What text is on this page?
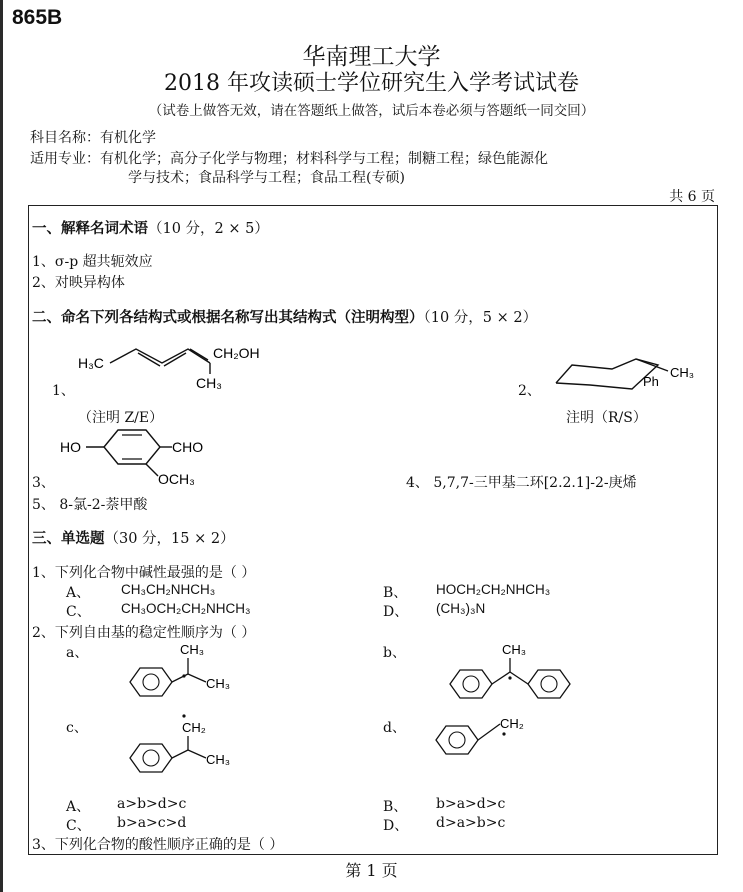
865B
华南理工大学
2018 年攻读硕士学位研究生入学考试试卷
（试卷上做答无效，请在答题纸上做答，试后本卷必须与答题纸一同交回）
科目名称：有机化学
适用专业：有机化学；高分子化学与物理；材料科学与工程；制糖工程；绿色能源化
学与技术；食品科学与工程；食品工程(专硕)
共 6 页
一、解释名词术语（10 分，2 × 5）
1、σ-p 超共轭效应
2、对映异构体
二、命名下列各结构式或根据名称写出其结构式（注明构型）（10 分，5 × 2）
H₃C
CH₂OH
CH₃
1、
（注明 Z/E）
2、
CH₃
Ph
注明（R/S）
HO	CHO
OCH₃
3、	4、 5,7,7-三甲基二环[2.2.1]-2-庚烯
5、 8-氯-2-萘甲酸
三、单选题（30 分，15 × 2）
1、下列化合物中碱性最强的是（ ）
A、 CH₃CH₂NHCH₃	B、 HOCH₂CH₂NHCH₃
C、 CH₃OCH₂CH₂NHCH₃	D、 (CH₃)₃N
2、下列自由基的稳定性顺序为（ ）
a、	CH₃
CH₃
b、	CH₃
c、	CH₂
CH₃
d、	CH₂
A、 a>b>d>c	B、 b>a>d>c
C、 b>a>c>d	D、 d>a>b>c
3、下列化合物的酸性顺序正确的是（ ）
第 1 页
